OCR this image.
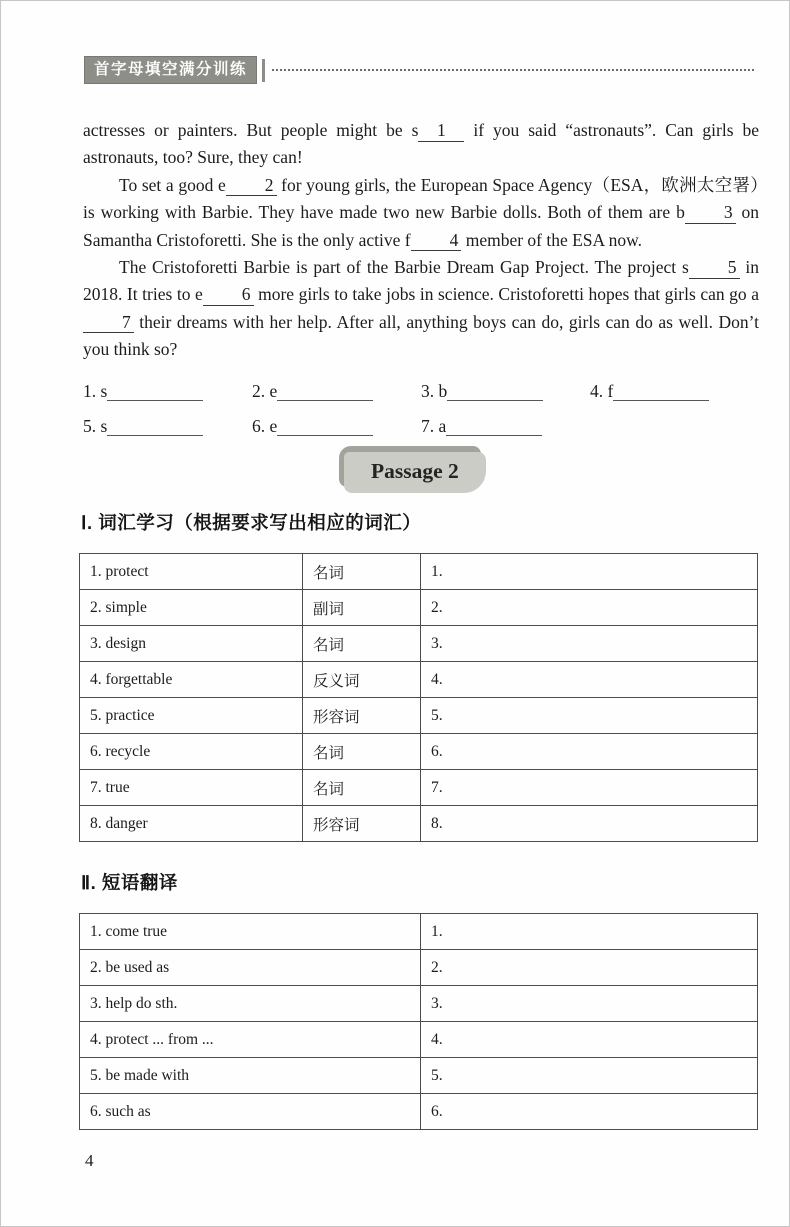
首字母填空满分训练

actresses or painters. But people might be s 1 if you said “astronauts”. Can girls be astronauts, too? Sure, they can!

To set a good e 2 for young girls, the European Space Agency（ESA，欧洲太空署）is working with Barbie. They have made two new Barbie dolls. Both of them are b 3 on Samantha Cristoforetti. She is the only active f 4 member of the ESA now.

The Cristoforetti Barbie is part of the Barbie Dream Gap Project. The project s 5 in 2018. It tries to e 6 more girls to take jobs in science. Cristoforetti hopes that girls can go a7 their dreams with her help. After all, anything boys can do, girls can do as well. Don’t you think so?

1. s	2. e	3. b	4. f
5. s	6. e	7. a
Passage 2
Ⅰ. 词汇学习（根据要求写出相应的词汇）
1. protect	名词	1.
2. simple	副词	2.
3. design	名词	3.
4. forgettable	反义词	4.
5. practice	形容词	5.
6. recycle	名词	6.
7. true	名词	7.
8. danger	形容词	8.
Ⅱ. 短语翻译
1. come true	1.
2. be used as	2.
3. help do sth.	3.
4. protect ... from ...	4.
5. be made with	5.
6. such as	6.
4
